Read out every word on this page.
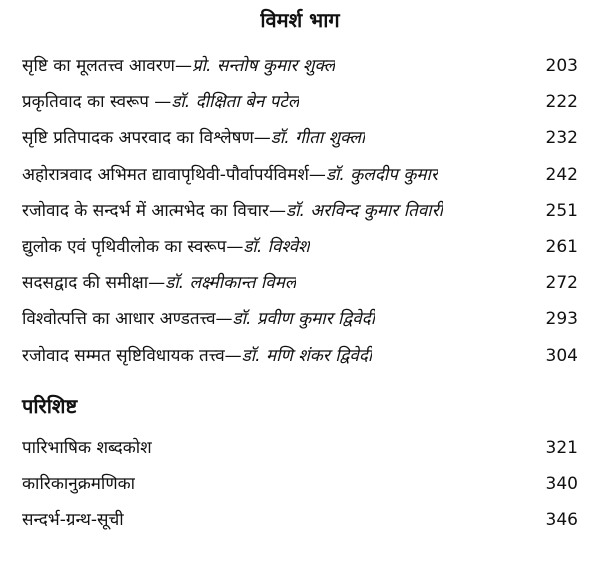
विमर्श भाग
सृष्टि का मूलतत्त्व आवरण—प्रो. सन्तोष कुमार शुक्ल	203
प्रकृतिवाद का स्वरूप —डॉ. दीक्षिता बेन पटेल	222
सृष्टि प्रतिपादक अपरवाद का विश्लेषण—डॉ. गीता शुक्ला	232
अहोरात्रवाद अभिमत द्यावापृथिवी-पौर्वापर्यविमर्श—डॉ. कुलदीप कुमार	242
रजोवाद के सन्दर्भ में आत्मभेद का विचार—डॉ. अरविन्द कुमार तिवारी	251
द्युलोक एवं पृथिवीलोक का स्वरूप—डॉ. विश्वेश	261
सदसद्वाद की समीक्षा—डॉ. लक्ष्मीकान्त विमल	272
विश्वोत्पत्ति का आधार अण्डतत्त्व—डॉ. प्रवीण कुमार द्विवेदी	293
रजोवाद सम्मत सृष्टिविधायक तत्त्व—डॉ. मणि शंकर द्विवेदी	304
परिशिष्ट
पारिभाषिक शब्दकोश	321
कारिकानुक्रमणिका	340
सन्दर्भ-ग्रन्थ-सूची	346
